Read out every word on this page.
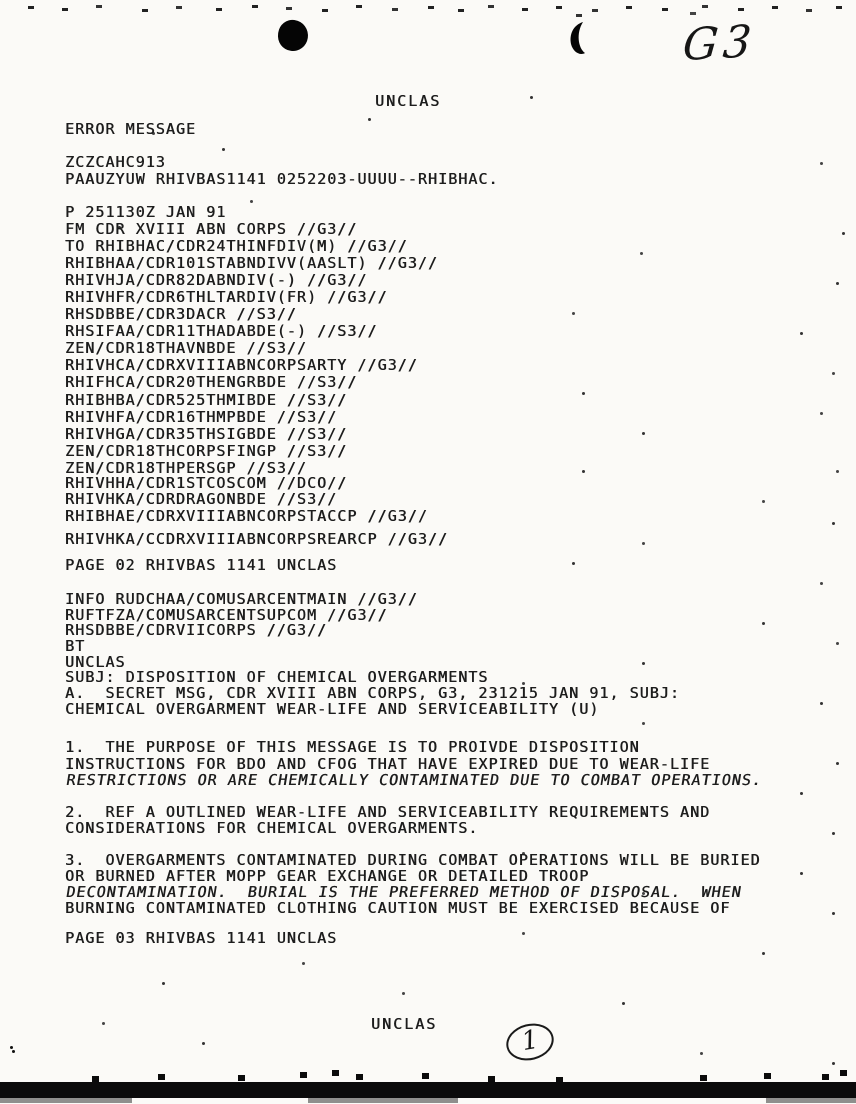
G3
1
UNCLAS
UNCLAS
ERROR MESSAGE
ZCZCAHC913
PAAUZYUW RHIVBAS1141 0252203-UUUU--RHIBHAC.
P 251130Z JAN 91
FM CDR XVIII ABN CORPS //G3//
TO RHIBHAC/CDR24THINFDIV(M) //G3//
RHIBHAA/CDR101STABNDIVV(AASLT) //G3//
RHIVHJA/CDR82DABNDIV(-) //G3//
RHIVHFR/CDR6THLTARDIV(FR) //G3//
RHSDBBE/CDR3DACR //S3//
RHSIFAA/CDR11THADABDE(-) //S3//
ZEN/CDR18THAVNBDE //S3//
RHIVHCA/CDRXVIIIABNCORPSARTY //G3//
RHIFHCA/CDR20THENGRBDE //S3//
RHIBHBA/CDR525THMIBDE //S3//
RHIVHFA/CDR16THMPBDE //S3//
RHIVHGA/CDR35THSIGBDE //S3//
ZEN/CDR18THCORPSFINGP //S3//
ZEN/CDR18THPERSGP //S3//
RHIVHHA/CDR1STCOSCOM //DCO//
RHIVHKA/CDRDRAGONBDE //S3//
RHIBHAE/CDRXVIIIABNCORPSTACCP //G3//
RHIVHKA/CCDRXVIIIABNCORPSREARCP //G3//
PAGE 02 RHIVBAS 1141 UNCLAS
INFO RUDCHAA/COMUSARCENTMAIN //G3//
RUFTFZA/COMUSARCENTSUPCOM //G3//
RHSDBBE/CDRVIICORPS //G3//
BT
UNCLAS
SUBJ: DISPOSITION OF CHEMICAL OVERGARMENTS
A.  SECRET MSG, CDR XVIII ABN CORPS, G3, 231215 JAN 91, SUBJ:
CHEMICAL OVERGARMENT WEAR-LIFE AND SERVICEABILITY (U)
1.  THE PURPOSE OF THIS MESSAGE IS TO PROIVDE DISPOSITION
INSTRUCTIONS FOR BDO AND CFOG THAT HAVE EXPIRED DUE TO WEAR-LIFE
RESTRICTIONS OR ARE CHEMICALLY CONTAMINATED DUE TO COMBAT OPERATIONS.
2.  REF A OUTLINED WEAR-LIFE AND SERVICEABILITY REQUIREMENTS AND
CONSIDERATIONS FOR CHEMICAL OVERGARMENTS.
3.  OVERGARMENTS CONTAMINATED DURING COMBAT OPERATIONS WILL BE BURIED
OR BURNED AFTER MOPP GEAR EXCHANGE OR DETAILED TROOP
DECONTAMINATION.  BURIAL IS THE PREFERRED METHOD OF DISPOSAL.  WHEN
BURNING CONTAMINATED CLOTHING CAUTION MUST BE EXERCISED BECAUSE OF
PAGE 03 RHIVBAS 1141 UNCLAS
